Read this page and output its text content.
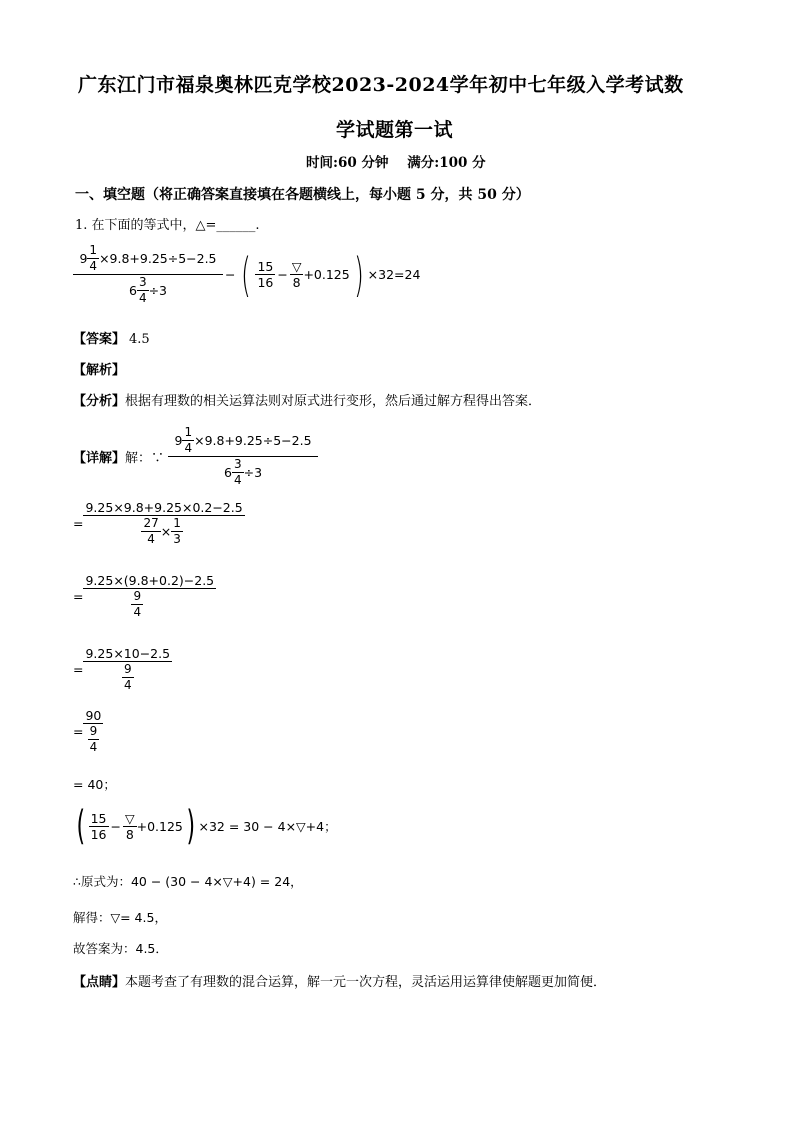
广东江门市福泉奥林匹克学校2023-2024学年初中七年级入学考试数
学试题第一试
时间:60 分钟    满分:100 分
一、填空题（将正确答案直接填在各题横线上，每小题 5 分，共 50 分）
1. 在下面的等式中，△=______.
$9 \frac{1}{4} \times 9.8+9.25\div 5-2.5$
$6 \frac{3}{4} \div 3$
− ( $\frac{15}{16} - \frac{▽}{8} +0.125$ ) ×32=24
【答案】 4.5
【解析】
【分析】根据有理数的相关运算法则对原式进行变形，然后通过解方程得出答案．
【详解】 解：∵
$9 \frac{1}{4} \times 9.8+9.25\div 5-2.5$
$6 \frac{3}{4} \div 3$
=
9.25×9.8+9.25×0.2−2.5
$\frac{27}{4} \times \frac{1}{3}$
= $\frac{9.25\times(9.8+0.2)-2.5}{\frac{9}{4}}$
= $\frac{9.25\times 10-2.5}{\frac{9}{4}}$
= $\frac{90}{\frac{9}{4}}$
= 40；
( $\frac{15}{16} - \frac{▽}{8} +0.125$ ) ×32 = 30 − 4×▽+4；
∴原式为：40 − (30 − 4×▽+4) = 24，
解得：▽= 4.5，
故答案为：4.5．
【点睛】本题考查了有理数的混合运算，解一元一次方程，灵活运用运算律使解题更加简便．
